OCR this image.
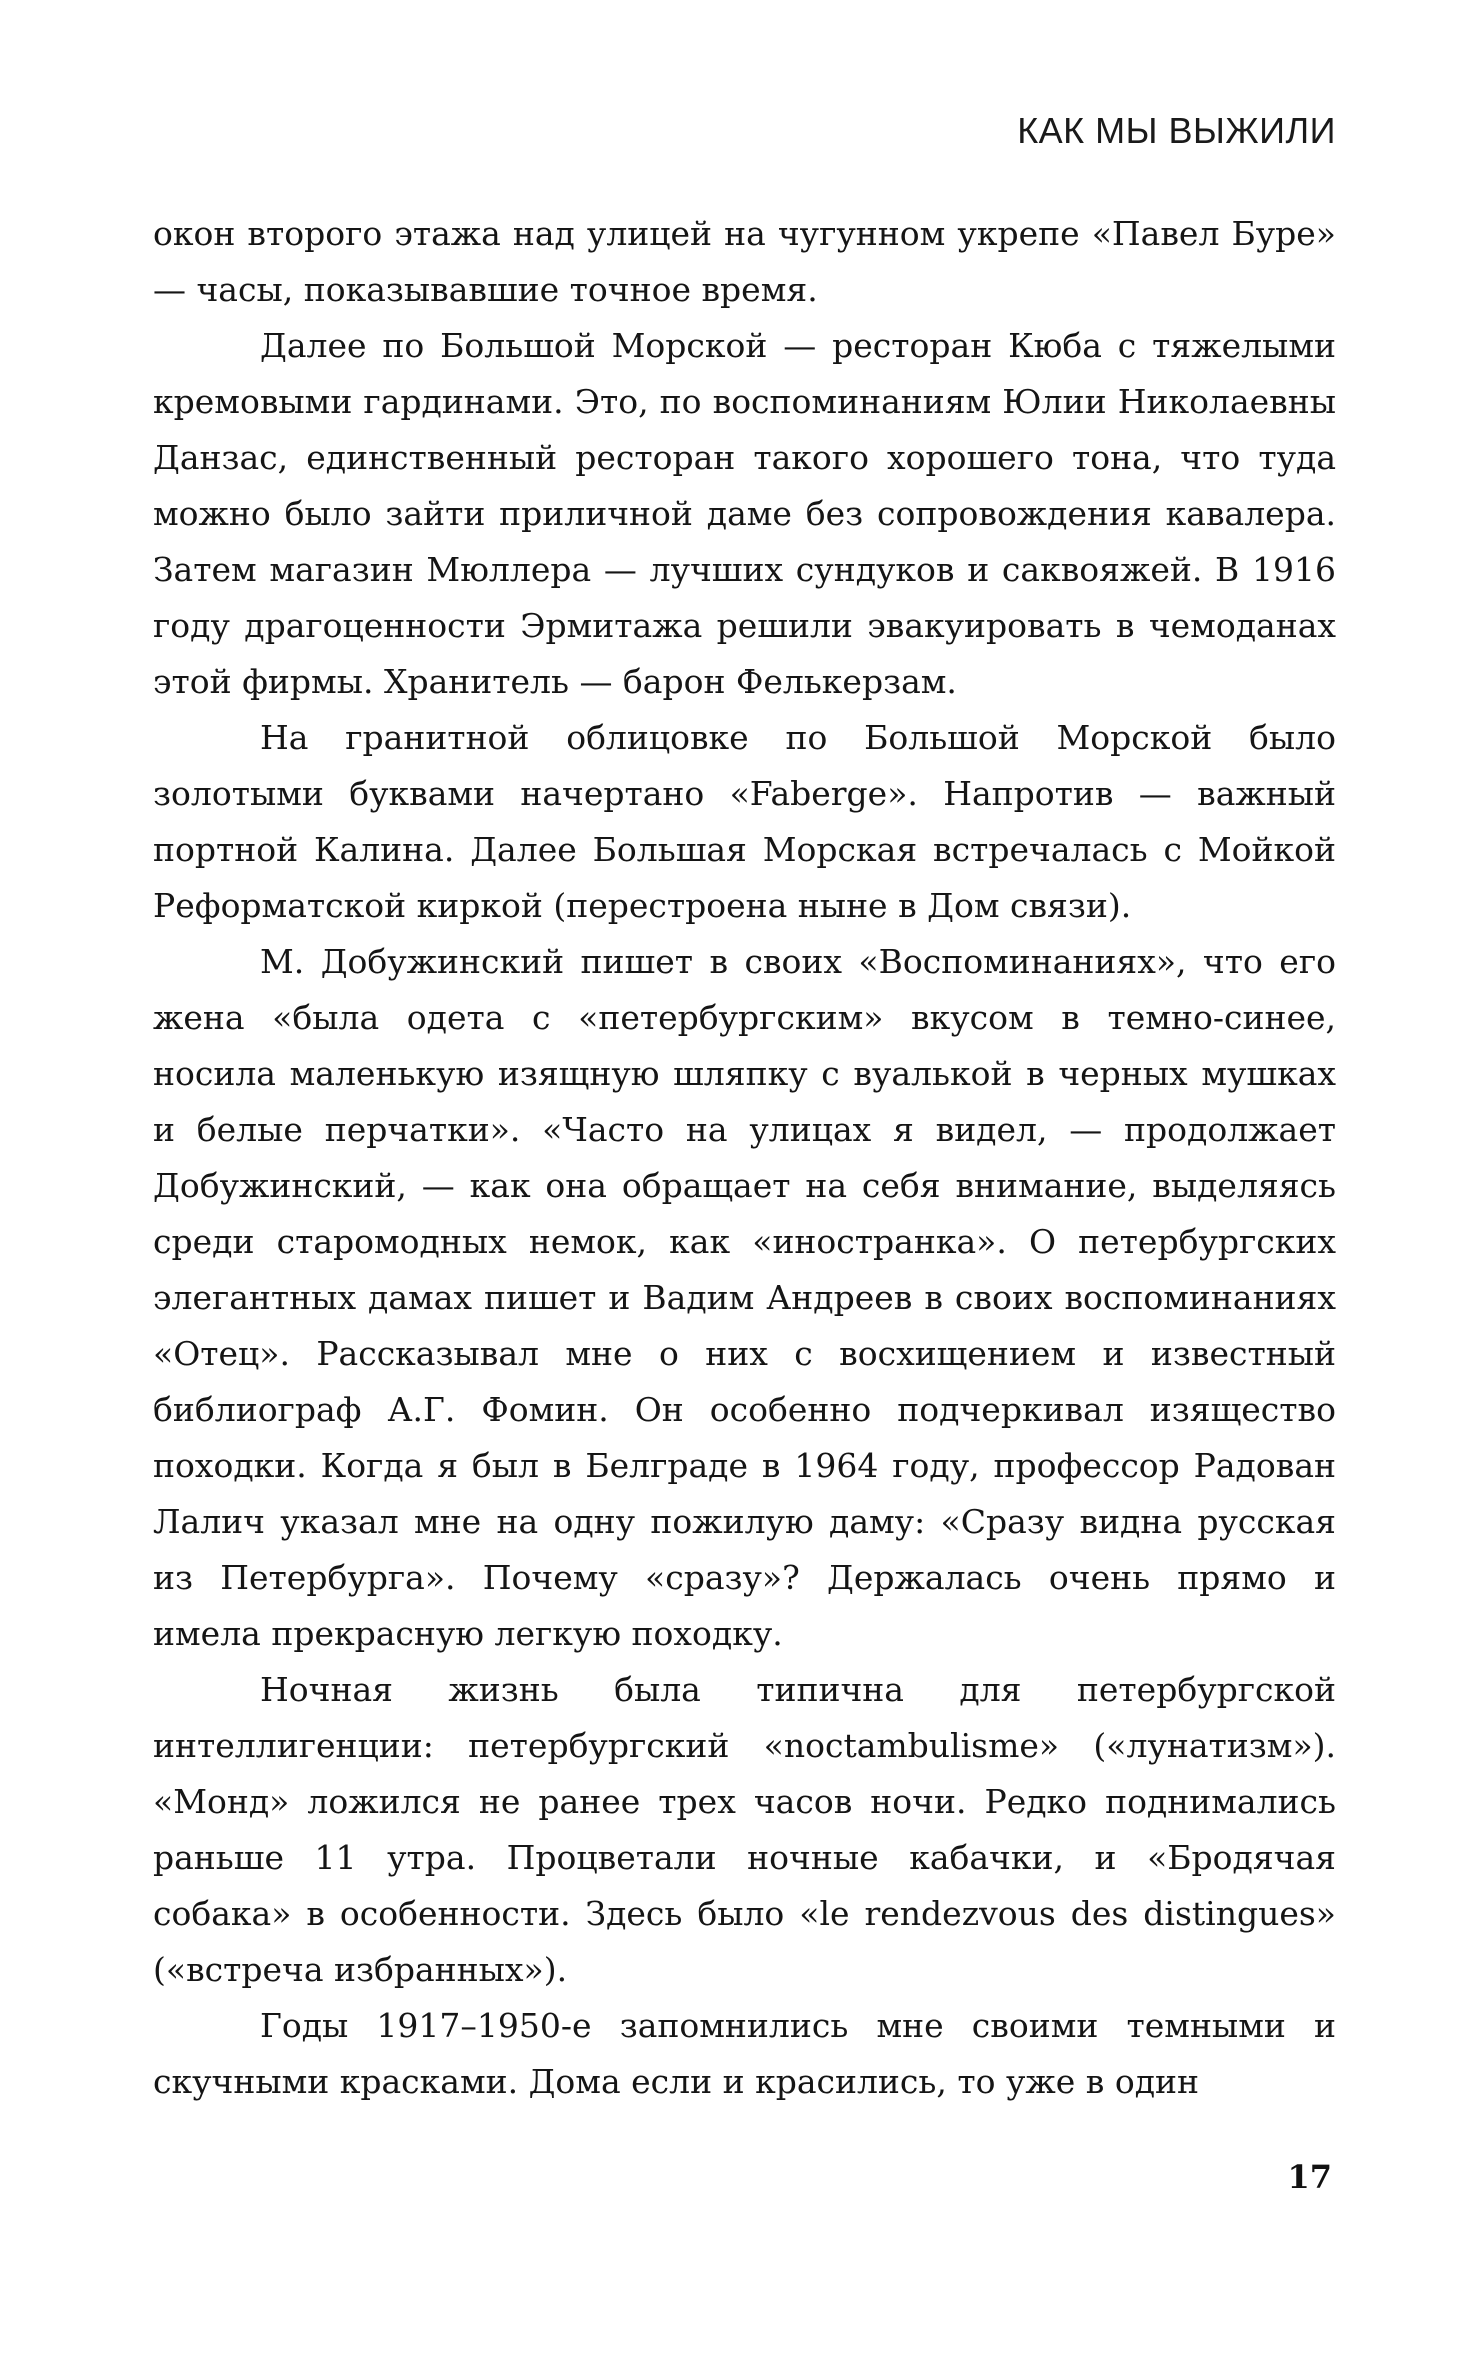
КАК МЫ ВЫЖИЛИ

окон второго этажа над улицей на чугунном укрепе «Павел Буре» — часы, показывавшие точное время.

Далее по Большой Морской — ресторан Кюба с тяжелыми кремовыми гардинами. Это, по воспоминаниям Юлии Николаевны Данзас, единственный ресторан такого хорошего тона, что туда можно было зайти приличной даме без сопровождения кавалера. Затем магазин Мюллера — лучших сундуков и саквояжей. В 1916 году драгоценности Эрмитажа решили эвакуировать в чемоданах этой фирмы. Хранитель — барон Фелькерзам.

На гранитной облицовке по Большой Морской было золотыми буквами начертано «Faberge». Напротив — важный портной Калина. Далее Большая Морская встречалась с Мойкой Реформатской киркой (перестроена ныне в Дом связи).

М. Добужинский пишет в своих «Воспоминаниях», что его жена «была одета с «петербургским» вкусом в темно-синее, носила маленькую изящную шляпку с вуалькой в черных мушках и белые перчатки». «Часто на улицах я видел, — продолжает Добужинский, — как она обращает на себя внимание, выделяясь среди старомодных немок, как «иностранка». О петербургских элегантных дамах пишет и Вадим Андреев в своих воспоминаниях «Отец». Рассказывал мне о них с восхищением и известный библиограф А.Г. Фомин. Он особенно подчеркивал изящество походки. Когда я был в Белграде в 1964 году, профессор Радован Лалич указал мне на одну пожилую даму: «Сразу видна русская из Петербурга». Почему «сразу»? Держалась очень прямо и имела прекрасную легкую походку.

Ночная жизнь была типична для петербургской интеллигенции: петербургский «noctambulisme» («лунатизм»). «Монд» ложился не ранее трех часов ночи. Редко поднимались раньше 11 утра. Процветали ночные кабачки, и «Бродячая собака» в особенности. Здесь было «le rendezvous des distingues» («встреча избранных»).

Годы 1917–1950-е запомнились мне своими темными и скучными красками. Дома если и красились, то уже в один

17
